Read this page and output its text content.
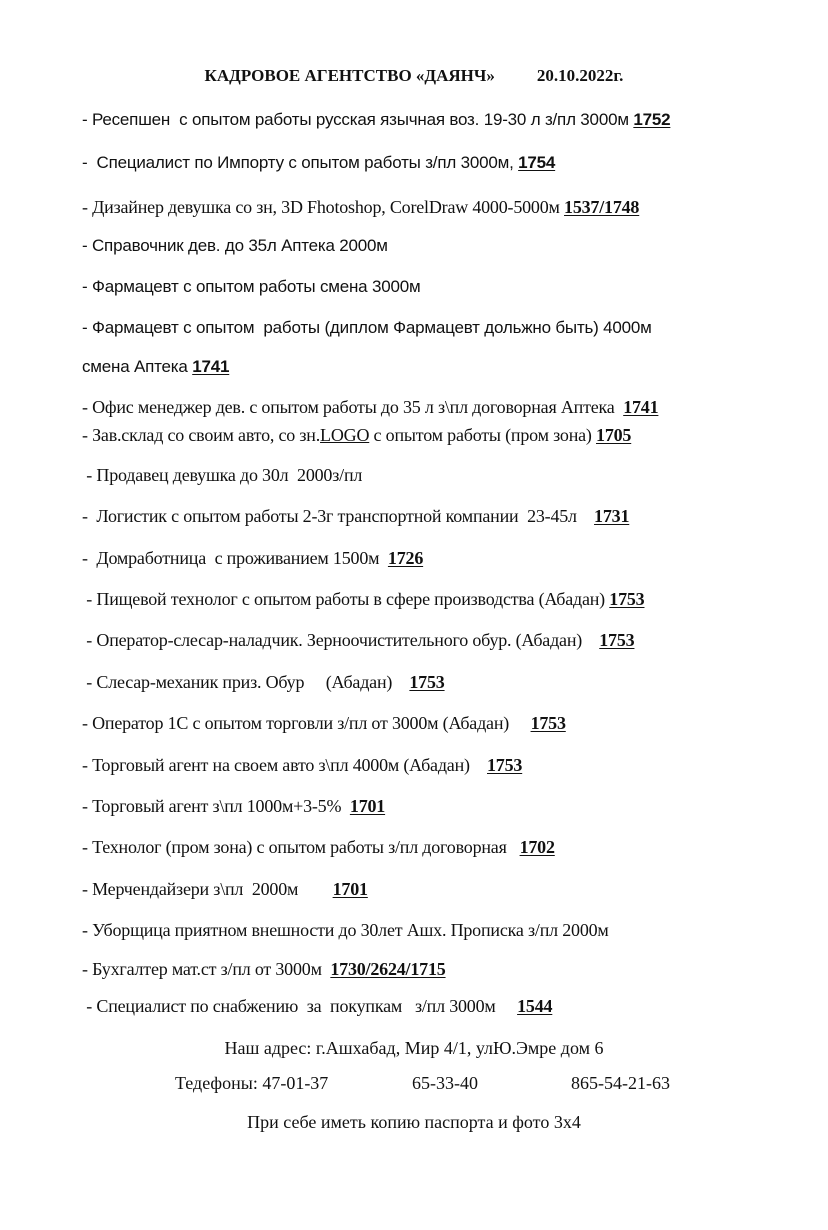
КАДРОВОЕ АГЕНТСТВО «ДАЯНЧ» 20.10.2022г.
- Ресепшен  с опытом работы русская язычная воз. 19-30 л з/пл 3000м 1752
-  Специалист по Импорту с опытом работы з/пл 3000м, 1754
- Дизайнер девушка со зн, 3D Fhotoshop, CorelDraw 4000-5000м 1537/1748
- Справочник дев. до 35л Аптека 2000м
- Фармацевт с опытом работы смена 3000м
- Фармацевт с опытом  работы (диплом Фармацевт дольжно быть) 4000м
смена Аптека 1741
- Офис менеджер дев. с опытом работы до 35 л з\пл договорная Аптека  1741
- Зав.склад со своим авто, со зн.LOGO с опытом работы (пром зона) 1705
- Продавец девушка до 30л  2000з/пл
-  Логистик с опытом работы 2-3г транспортной компании  23-45л    1731
-  Домработница  с проживанием 1500м  1726
- Пищевой технолог с опытом работы в сфере производства (Абадан) 1753
- Оператор-слесар-наладчик. Зерноочистительного обур. (Абадан)    1753
- Слесар-механик приз. Обур     (Абадан)    1753
- Оператор 1С с опытом торговли з/пл от 3000м (Абадан)     1753
- Торговый агент на своем авто з\пл 4000м (Абадан)    1753
- Торговый агент з\пл 1000м+3-5%  1701
- Технолог (пром зона) с опытом работы з/пл договорная   1702
- Мерчендайзери з\пл  2000м        1701
- Уборщица приятном внешности до 30лет Ашх. Прописка з/пл 2000м
- Бухгалтер мат.ст з/пл от 3000м  1730/2624/1715
- Специалист по снабжению  за  покупкам   з/пл 3000м     1544
Наш адрес: г.Ашхабад, Мир 4/1, улЮ.Эмре дом 6
Тедефоны: 47-01-37	65-33-40	865-54-21-63
При себе иметь копию паспорта и фото 3х4
